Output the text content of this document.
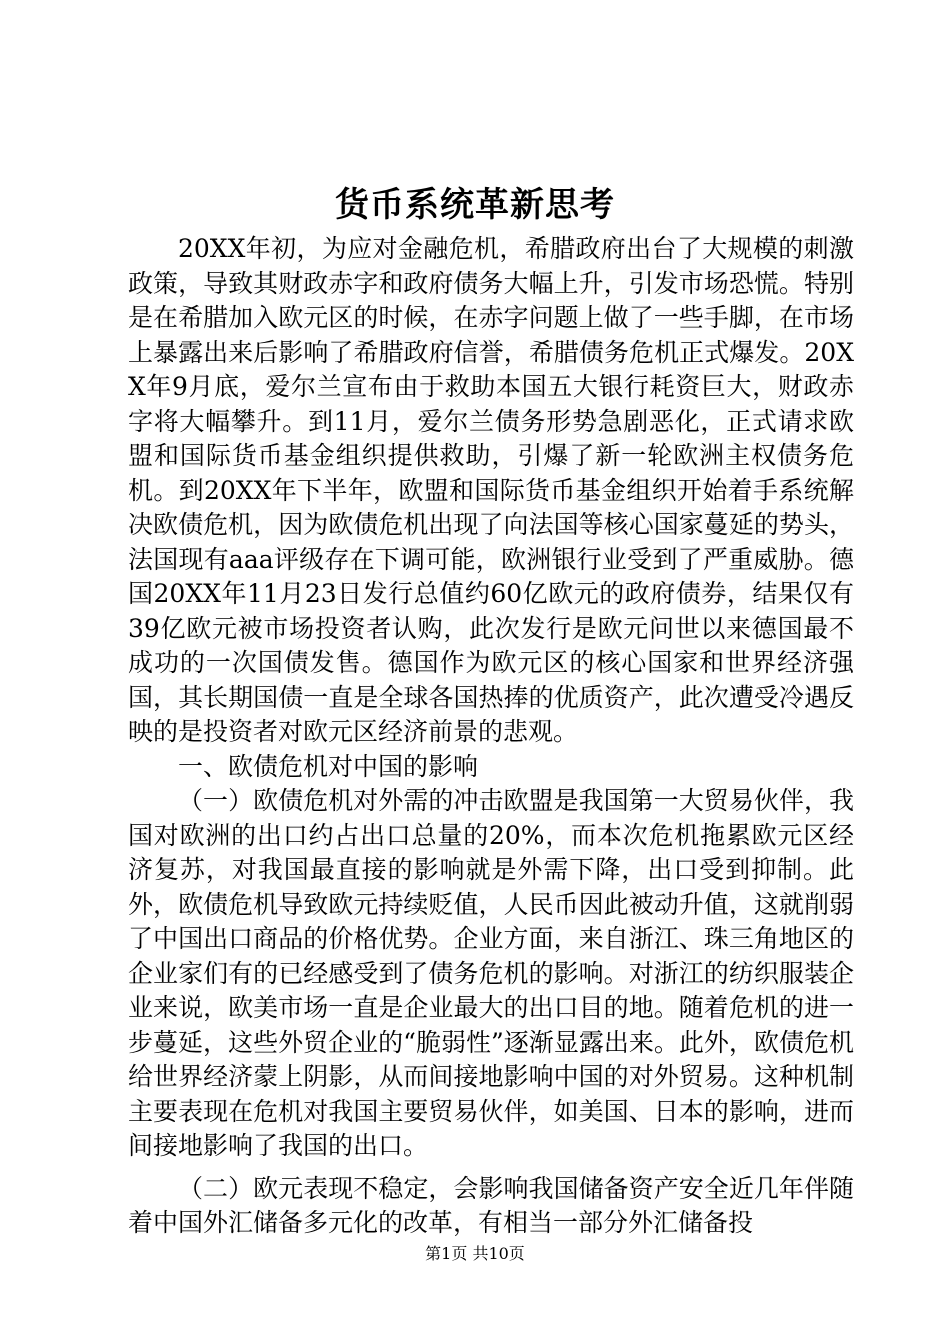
货币系统革新思考

20XX年初，为应对金融危机，希腊政府出台了大规模的刺激政策，导致其财政赤字和政府债务大幅上升，引发市场恐慌。特别是在希腊加入欧元区的时候，在赤字问题上做了一些手脚，在市场上暴露出来后影响了希腊政府信誉，希腊债务危机正式爆发。20XX年9月底，爱尔兰宣布由于救助本国五大银行耗资巨大，财政赤字将大幅攀升。到11月，爱尔兰债务形势急剧恶化，正式请求欧盟和国际货币基金组织提供救助，引爆了新一轮欧洲主权债务危机。到20XX年下半年，欧盟和国际货币基金组织开始着手系统解决欧债危机，因为欧债危机出现了向法国等核心国家蔓延的势头，法国现有aaa评级存在下调可能，欧洲银行业受到了严重威胁。德国20XX年11月23日发行总值约60亿欧元的政府债券，结果仅有39亿欧元被市场投资者认购，此次发行是欧元问世以来德国最不成功的一次国债发售。德国作为欧元区的核心国家和世界经济强国，其长期国债一直是全球各国热捧的优质资产，此次遭受冷遇反映的是投资者对欧元区经济前景的悲观。

一、欧债危机对中国的影响

（一）欧债危机对外需的冲击欧盟是我国第一大贸易伙伴，我国对欧洲的出口约占出口总量的20%，而本次危机拖累欧元区经济复苏，对我国最直接的影响就是外需下降，出口受到抑制。此外，欧债危机导致欧元持续贬值，人民币因此被动升值，这就削弱了中国出口商品的价格优势。企业方面，来自浙江、珠三角地区的企业家们有的已经感受到了债务危机的影响。对浙江的纺织服装企业来说，欧美市场一直是企业最大的出口目的地。随着危机的进一步蔓延，这些外贸企业的“脆弱性”逐渐显露出来。此外，欧债危机给世界经济蒙上阴影，从而间接地影响中国的对外贸易。这种机制主要表现在危机对我国主要贸易伙伴，如美国、日本的影响，进而间接地影响了我国的出口。

（二）欧元表现不稳定，会影响我国储备资产安全近几年伴随着中国外汇储备多元化的改革，有相当一部分外汇储备投

第1页 共10页
